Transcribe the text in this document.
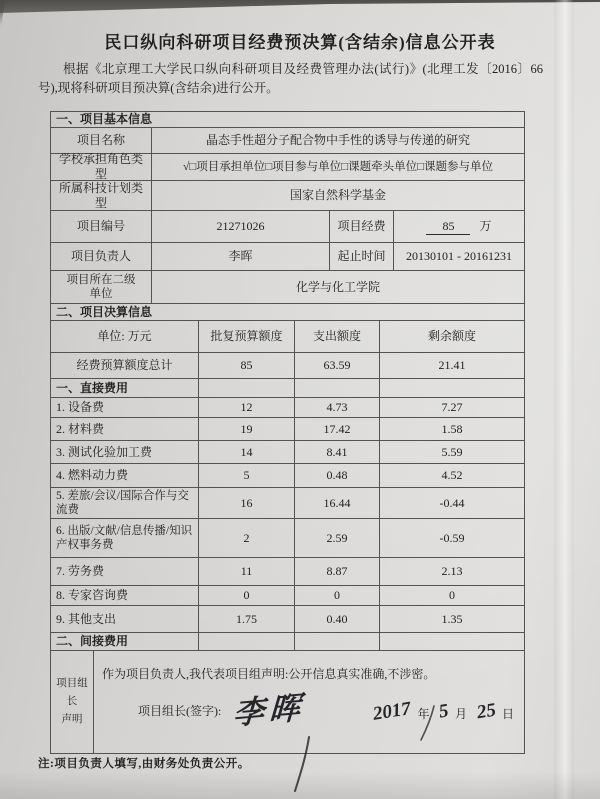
民口纵向科研项目经费预决算(含结余)信息公开表
根据《北京理工大学民口纵向科研项目及经费管理办法(试行)》(北理工发〔2016〕66号),现将科研项目预决算(含结余)进行公开。
一、项目基本信息
项目名称	晶态手性超分子配合物中手性的诱导与传递的研究
学校承担角色类型
√□项目承担单位□项目参与单位□课题牵头单位□课题参与单位
所属科技计划类型
国家自然科学基金
项目编号	21271026	项目经费	85	万
项目负责人	李晖	起止时间	20130101 - 20161231
项目所在二级单位
化学与化工学院
二、项目决算信息
单位: 万元	批复预算额度	支出额度	剩余额度
经费预算额度总计	85	63.59	21.41
一、直接费用
1. 设备费	12	4.73	7.27
2. 材料费	19	17.42	1.58
3. 测试化验加工费	14	8.41	5.59
4. 燃料动力费	5	0.48	4.52
5. 差旅/会议/国际合作与交流费
16	16.44	-0.44
6. 出版/文献/信息传播/知识产权事务费
2	2.59	-0.59
7. 劳务费	11	8.87	2.13
8. 专家咨询费	0	0	0
9. 其他支出	1.75	0.40	1.35
二、间接费用
项目组长
声明
作为项目负责人,我代表项目组声明:公开信息真实准确,不涉密。
项目组长(签字): 李晖	2017 年 5 月 25 日
注:项目负责人填写,由财务处负责公开。
